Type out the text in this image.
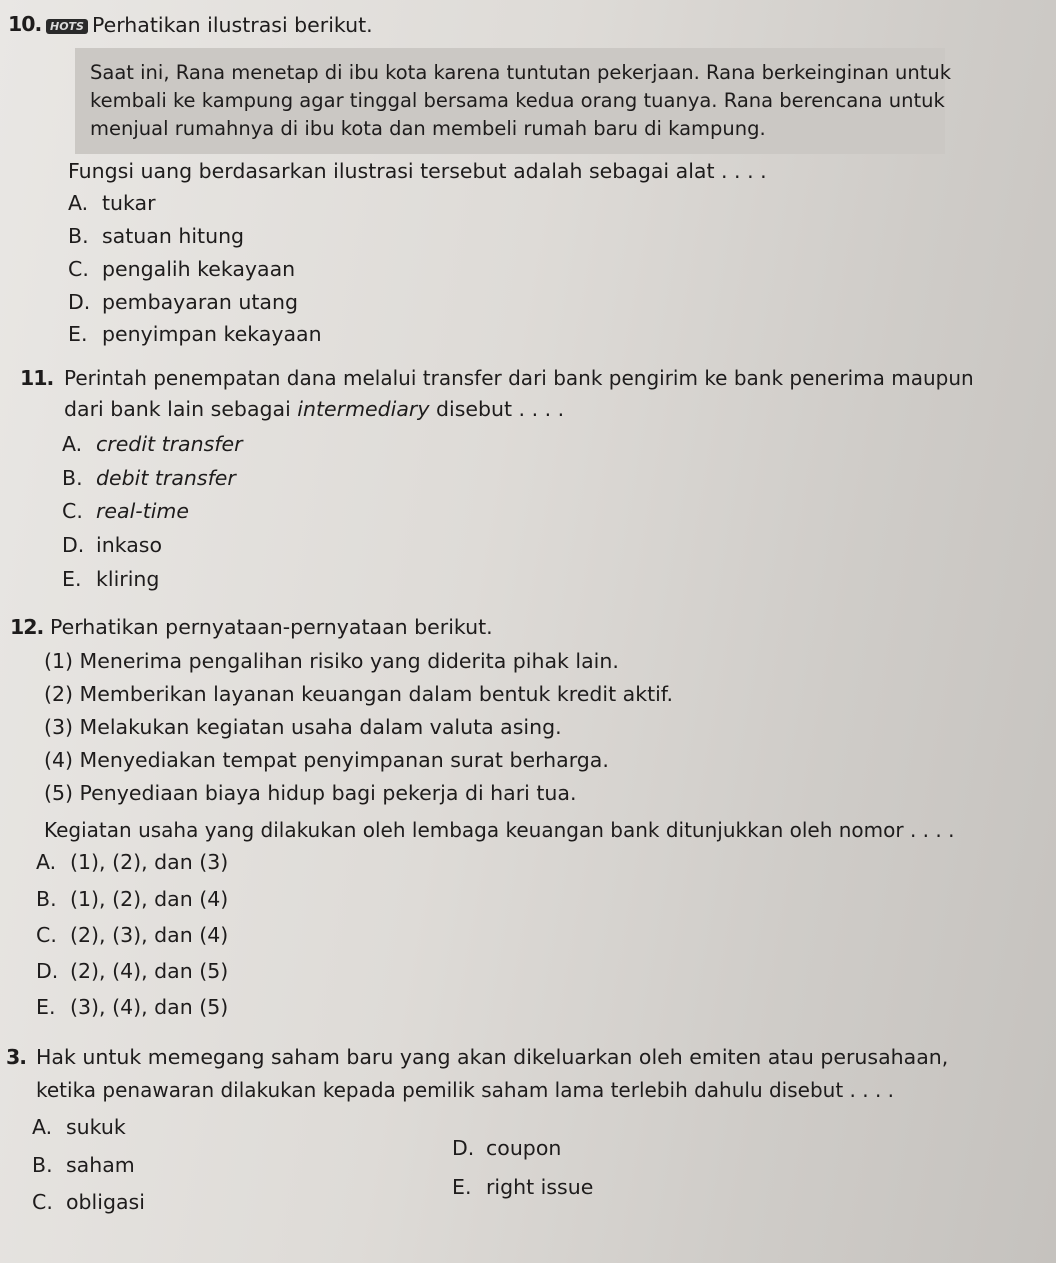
10. HOTS Perhatikan ilustrasi berikut.
Saat ini, Rana menetap di ibu kota karena tuntutan pekerjaan. Rana berkeinginan untuk
kembali ke kampung agar tinggal bersama kedua orang tuanya. Rana berencana untuk
menjual rumahnya di ibu kota dan membeli rumah baru di kampung.
Fungsi uang berdasarkan ilustrasi tersebut adalah sebagai alat . . . .
A. tukar
B. satuan hitung
C. pengalih kekayaan
D. pembayaran utang
E. penyimpan kekayaan
11. Perintah penempatan dana melalui transfer dari bank pengirim ke bank penerima maupun
dari bank lain sebagai intermediary disebut . . . .
A. credit transfer
B. debit transfer
C. real-time
D. inkaso
E. kliring
12. Perhatikan pernyataan-pernyataan berikut.
(1) Menerima pengalihan risiko yang diderita pihak lain.
(2) Memberikan layanan keuangan dalam bentuk kredit aktif.
(3) Melakukan kegiatan usaha dalam valuta asing.
(4) Menyediakan tempat penyimpanan surat berharga.
(5) Penyediaan biaya hidup bagi pekerja di hari tua.
Kegiatan usaha yang dilakukan oleh lembaga keuangan bank ditunjukkan oleh nomor . . . .
A. (1), (2), dan (3)
B. (1), (2), dan (4)
C. (2), (3), dan (4)
D. (2), (4), dan (5)
E. (3), (4), dan (5)
3. Hak untuk memegang saham baru yang akan dikeluarkan oleh emiten atau perusahaan,
ketika penawaran dilakukan kepada pemilik saham lama terlebih dahulu disebut . . . .
A. sukuk
B. saham
C. obligasi
D. coupon
E. right issue
